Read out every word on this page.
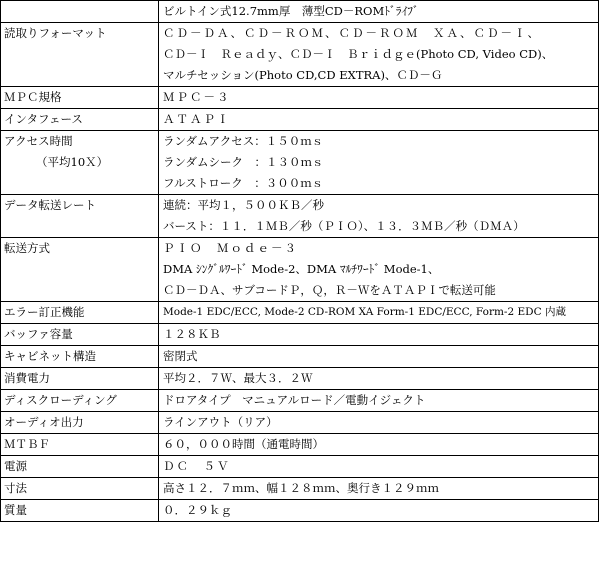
	ビルトイン式12.7mm厚　薄型CD－ROMﾄﾞﾗｲﾌﾞ

読取りフォーマット	ＣＤ－ＤＡ、ＣＤ－ＲＯＭ、ＣＤ－ＲＯＭ　ＸＡ、ＣＤ－Ｉ、
ＣＤ－Ｉ　Ｒｅａｄｙ、ＣＤ－Ｉ　Ｂｒｉｄｇｅ(Photo CD, Video CD)、
マルチセッション(Photo CD,CD EXTRA)、ＣＤ－Ｇ

ＭＰＣ規格	ＭＰＣ－３

インタフェース	ＡＴＡＰＩ

アクセス時間
（平均10Ｘ）	ランダムアクセス：１５０ｍｓ
ランダムシーク　：１３０ｍｓ
フルストローク　：３００ｍｓ

データ転送レート	連続：平均１，５００ＫＢ／秒
バースト：１１．１ＭＢ／秒（ＰＩＯ）、１３．３ＭＢ／秒（ＤＭＡ）

転送方式	ＰＩＯ　Ｍｏｄｅ－３
DMA ｼﾝｸﾞﾙﾜｰﾄﾞ Mode-2、DMA ﾏﾙﾁﾜｰﾄﾞ Mode-1、
ＣＤ－ＤＡ、サブコードＰ，Ｑ，Ｒ－ＷをＡＴＡＰＩで転送可能

エラー訂正機能	Mode-1 EDC/ECC, Mode-2 CD-ROM XA Form-1 EDC/ECC, Form-2 EDC 内蔵

バッファ容量	１２８ＫＢ

キャビネット構造	密閉式

消費電力	平均２．７Ｗ、最大３．２Ｗ

ディスクローディング	ドロアタイプ　マニュアルロード／電動イジェクト

オーディオ出力	ラインアウト（リア）

ＭＴＢＦ	６０，０００時間（通電時間）

電源	ＤＣ　５Ｖ

寸法	高さ１２．７ｍｍ、幅１２８ｍｍ、奥行き１２９ｍｍ

質量	０．２９ｋｇ
